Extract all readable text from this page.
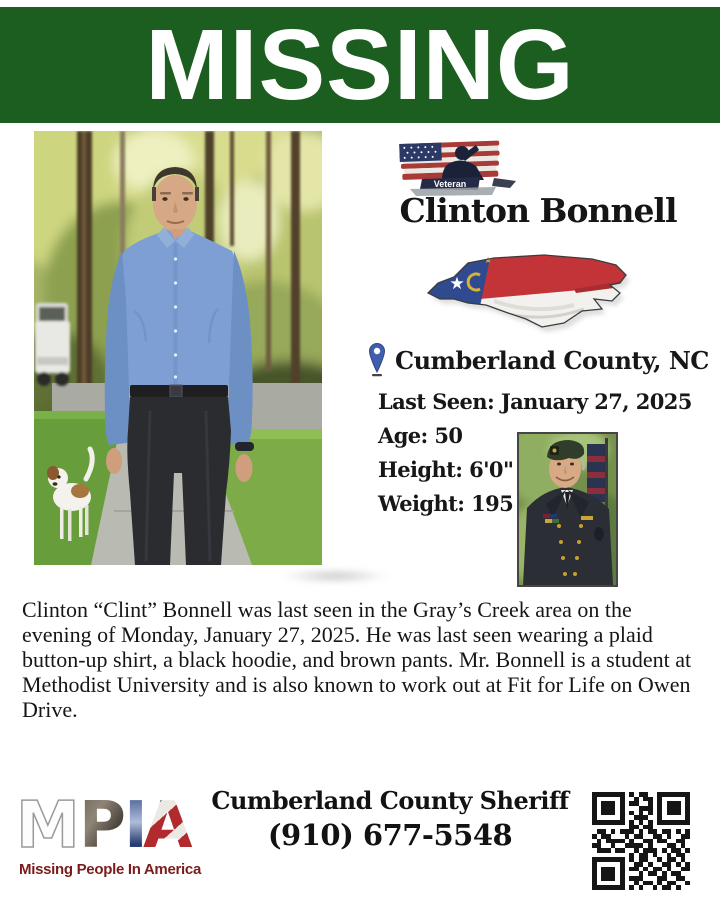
MISSING
Veteran
Clinton Bonnell
★
★
Cumberland County, NC
Last Seen: January 27, 2025
Age: 50
Height: 6'0"
Weight: 195

Clinton “Clint” Bonnell was last seen in the Gray’s Creek area on the
evening of Monday, January 27, 2025. He was last seen wearing a plaid
button-up shirt, a black hoodie, and brown pants. Mr. Bonnell is a student at
Methodist University and is also known to work out at Fit for Life on Owen
Drive.

M P
I
A
Missing People In America

Cumberland County Sheriff

(910) 677-5548
